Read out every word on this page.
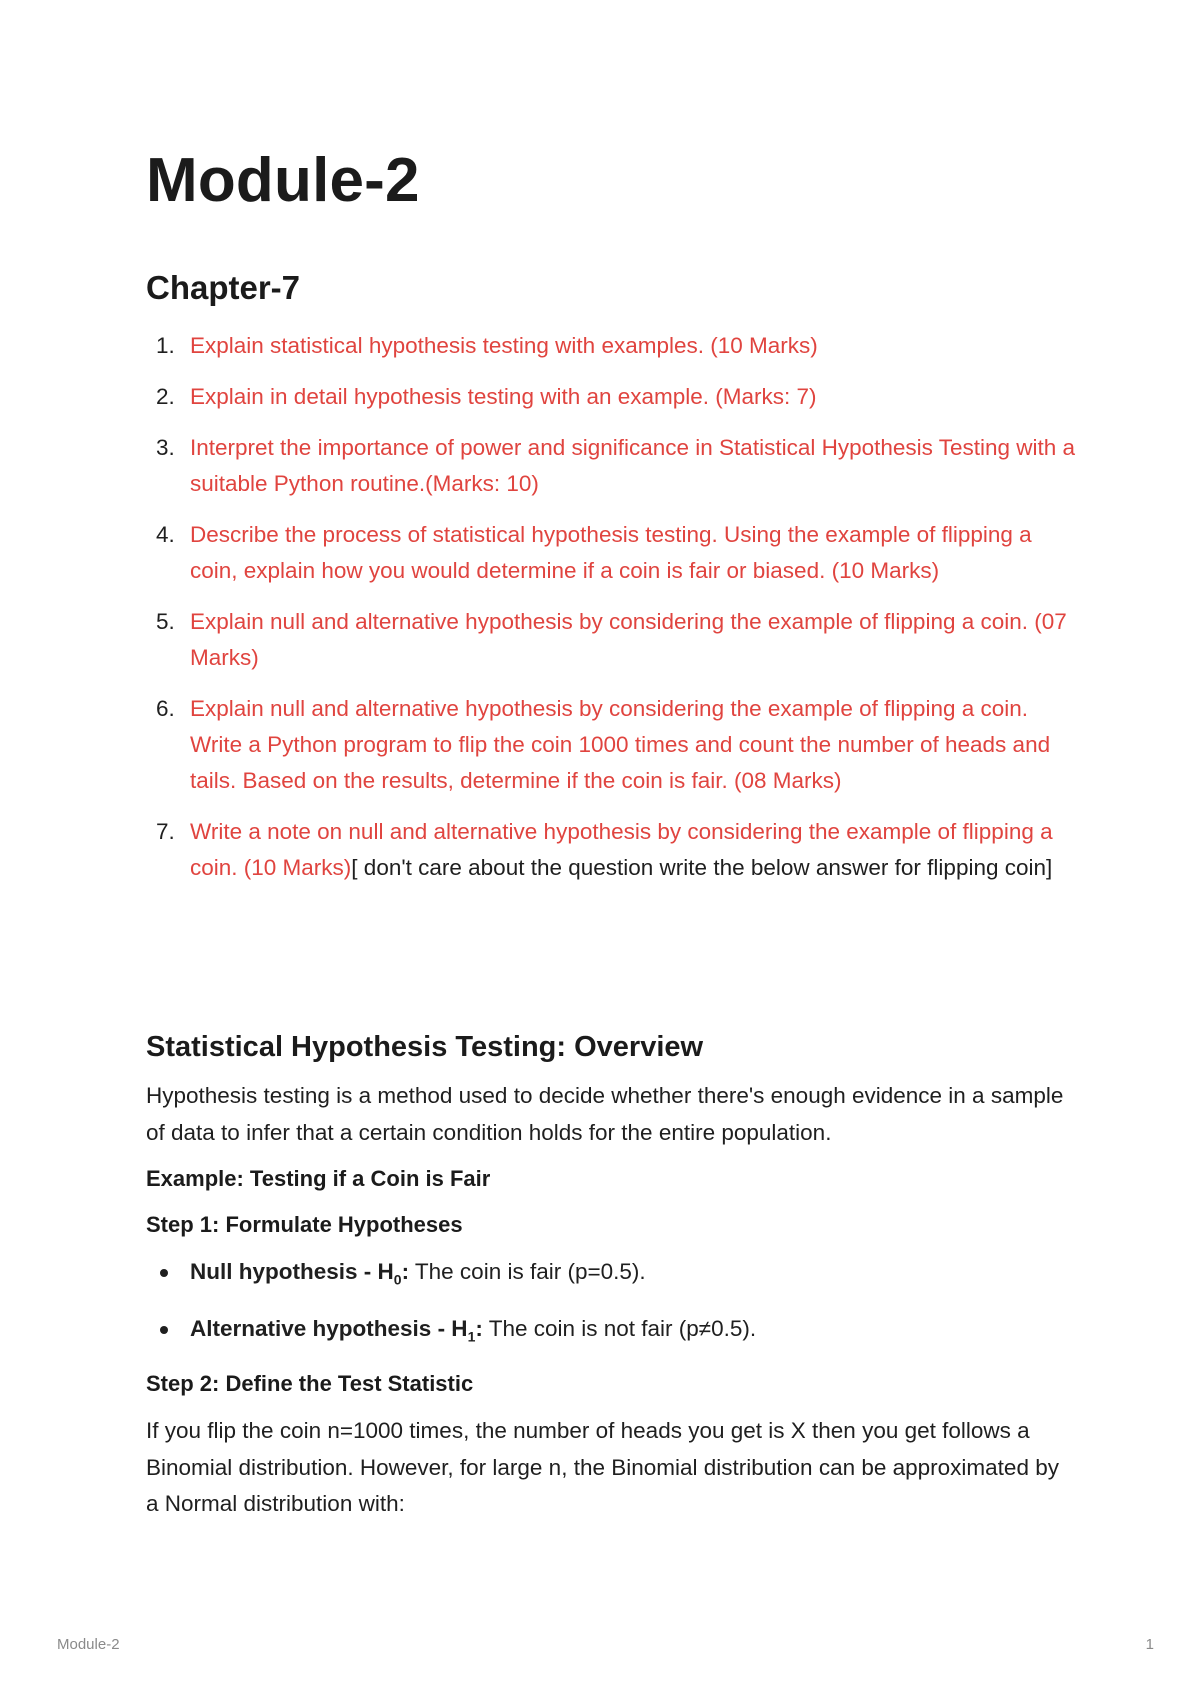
Module-2
Chapter-7
1. Explain statistical hypothesis testing with examples. (10 Marks)
2. Explain in detail hypothesis testing with an example. (Marks: 7)
3. Interpret the importance of power and significance in Statistical Hypothesis Testing with a suitable Python routine.(Marks: 10)
4. Describe the process of statistical hypothesis testing. Using the example of flipping a coin, explain how you would determine if a coin is fair or biased. (10 Marks)
5. Explain null and alternative hypothesis by considering the example of flipping a coin. (07 Marks)
6. Explain null and alternative hypothesis by considering the example of flipping a coin. Write a Python program to flip the coin 1000 times and count the number of heads and tails. Based on the results, determine if the coin is fair. (08 Marks)
7. Write a note on null and alternative hypothesis by considering the example of flipping a coin. (10 Marks)[ don't care about the question write the below answer for flipping coin]
Statistical Hypothesis Testing: Overview

Hypothesis testing is a method used to decide whether there's enough evidence in a sample of data to infer that a certain condition holds for the entire population.

Example: Testing if a Coin is Fair

Step 1: Formulate Hypotheses

Null hypothesis - $H_0$: The coin is fair (p=0.5).
Alternative hypothesis - $H_1$: The coin is not fair (p≠0.5).

Step 2: Define the Test Statistic

If you flip the coin n=1000 times, the number of heads you get is X then you get follows a Binomial distribution. However, for large n, the Binomial distribution can be approximated by a Normal distribution with:

Module-2	1
